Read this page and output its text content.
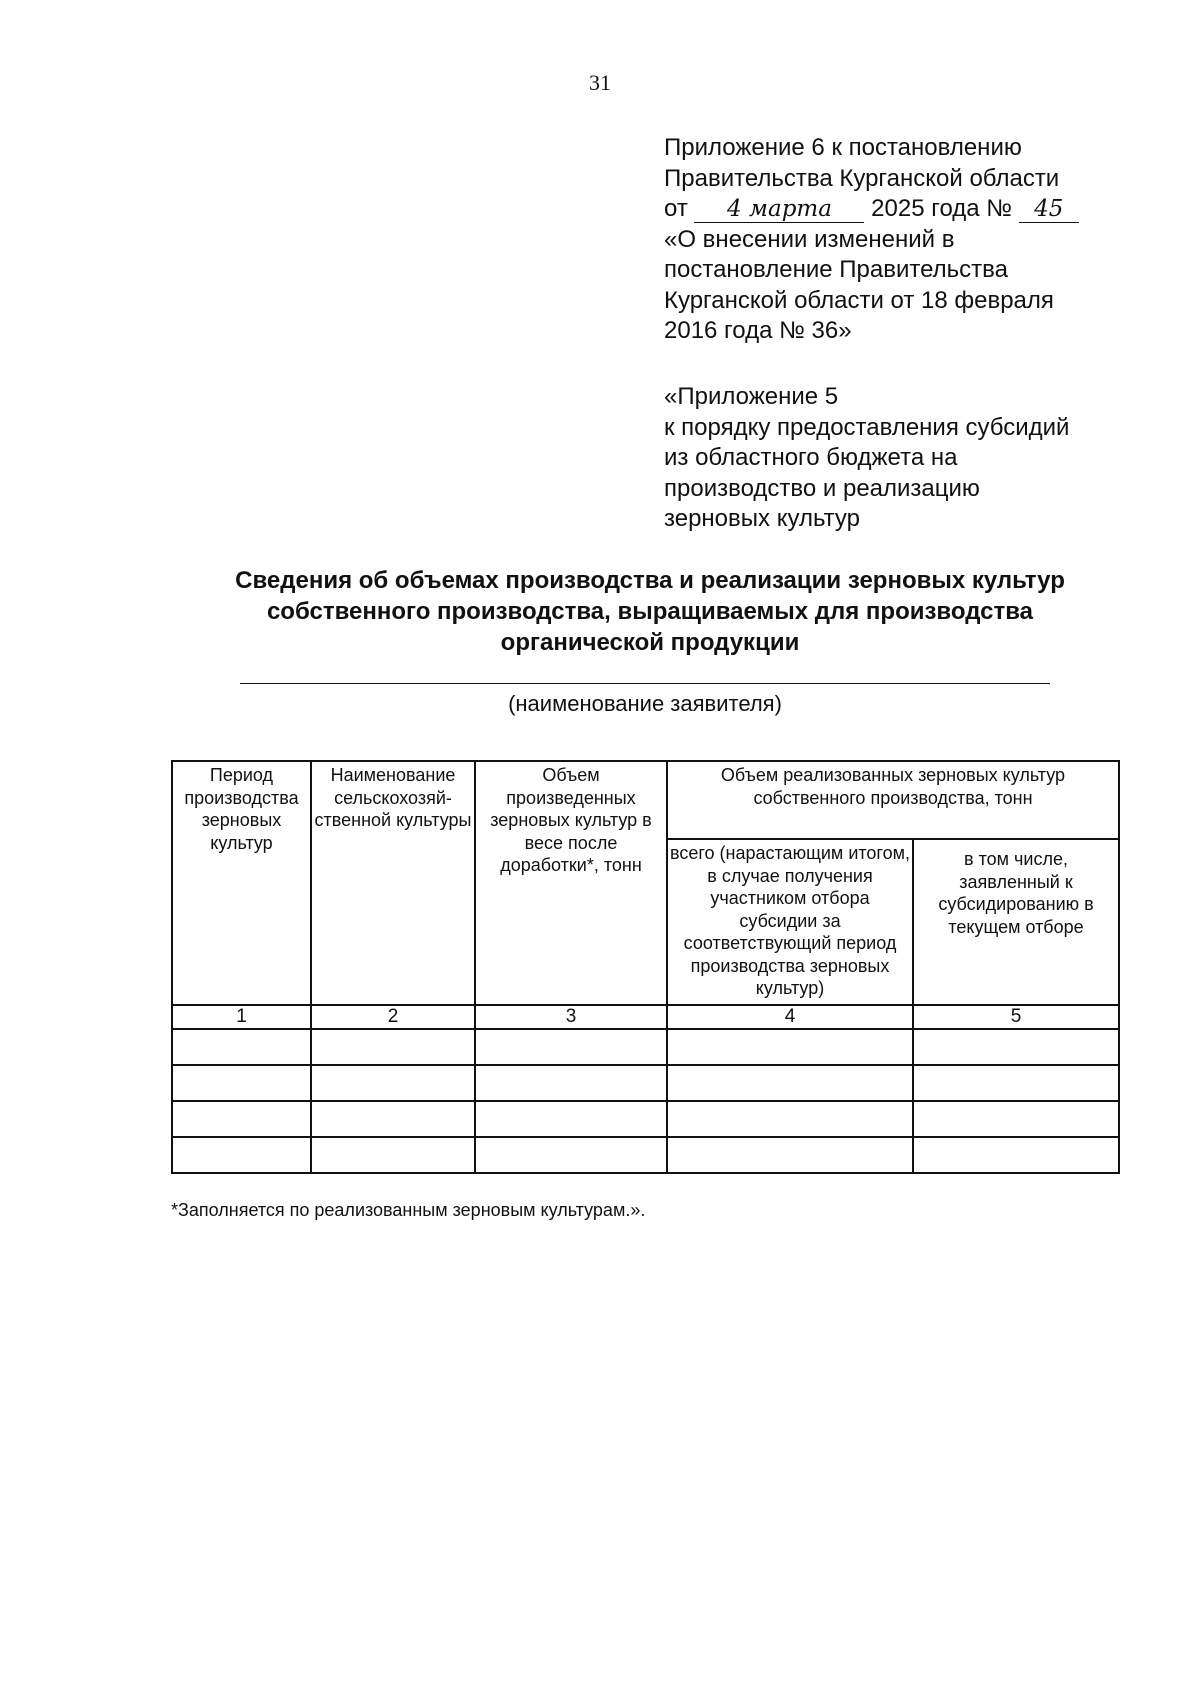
31
Приложение 6 к постановлению
Правительства Курганской области
от 4 марта 2025 года № 45
«О внесении изменений в
постановление Правительства
Курганской области от 18 февраля
2016 года № 36»
«Приложение 5
к порядку предоставления субсидий
из областного бюджета на
производство и реализацию
зерновых культур
Сведения об объемах производства и реализации зерновых культур
собственного производства, выращиваемых для производства
органической продукции
(наименование заявителя)
Период производства зерновых культур	Наименование сельскохозяй-ственной культуры	Объем произведенных зерновых культур в весе после доработки*, тонн	Объем реализованных зерновых культур собственного производства, тонн	
			всего (нарастающим итогом, в случае получения участником отбора субсидии за соответствующий период производства зерновых культур)	в том числе, заявленный к субсидированию в текущем отборе
1	2	3	4	5

*Заполняется по реализованным зерновым культурам.».
